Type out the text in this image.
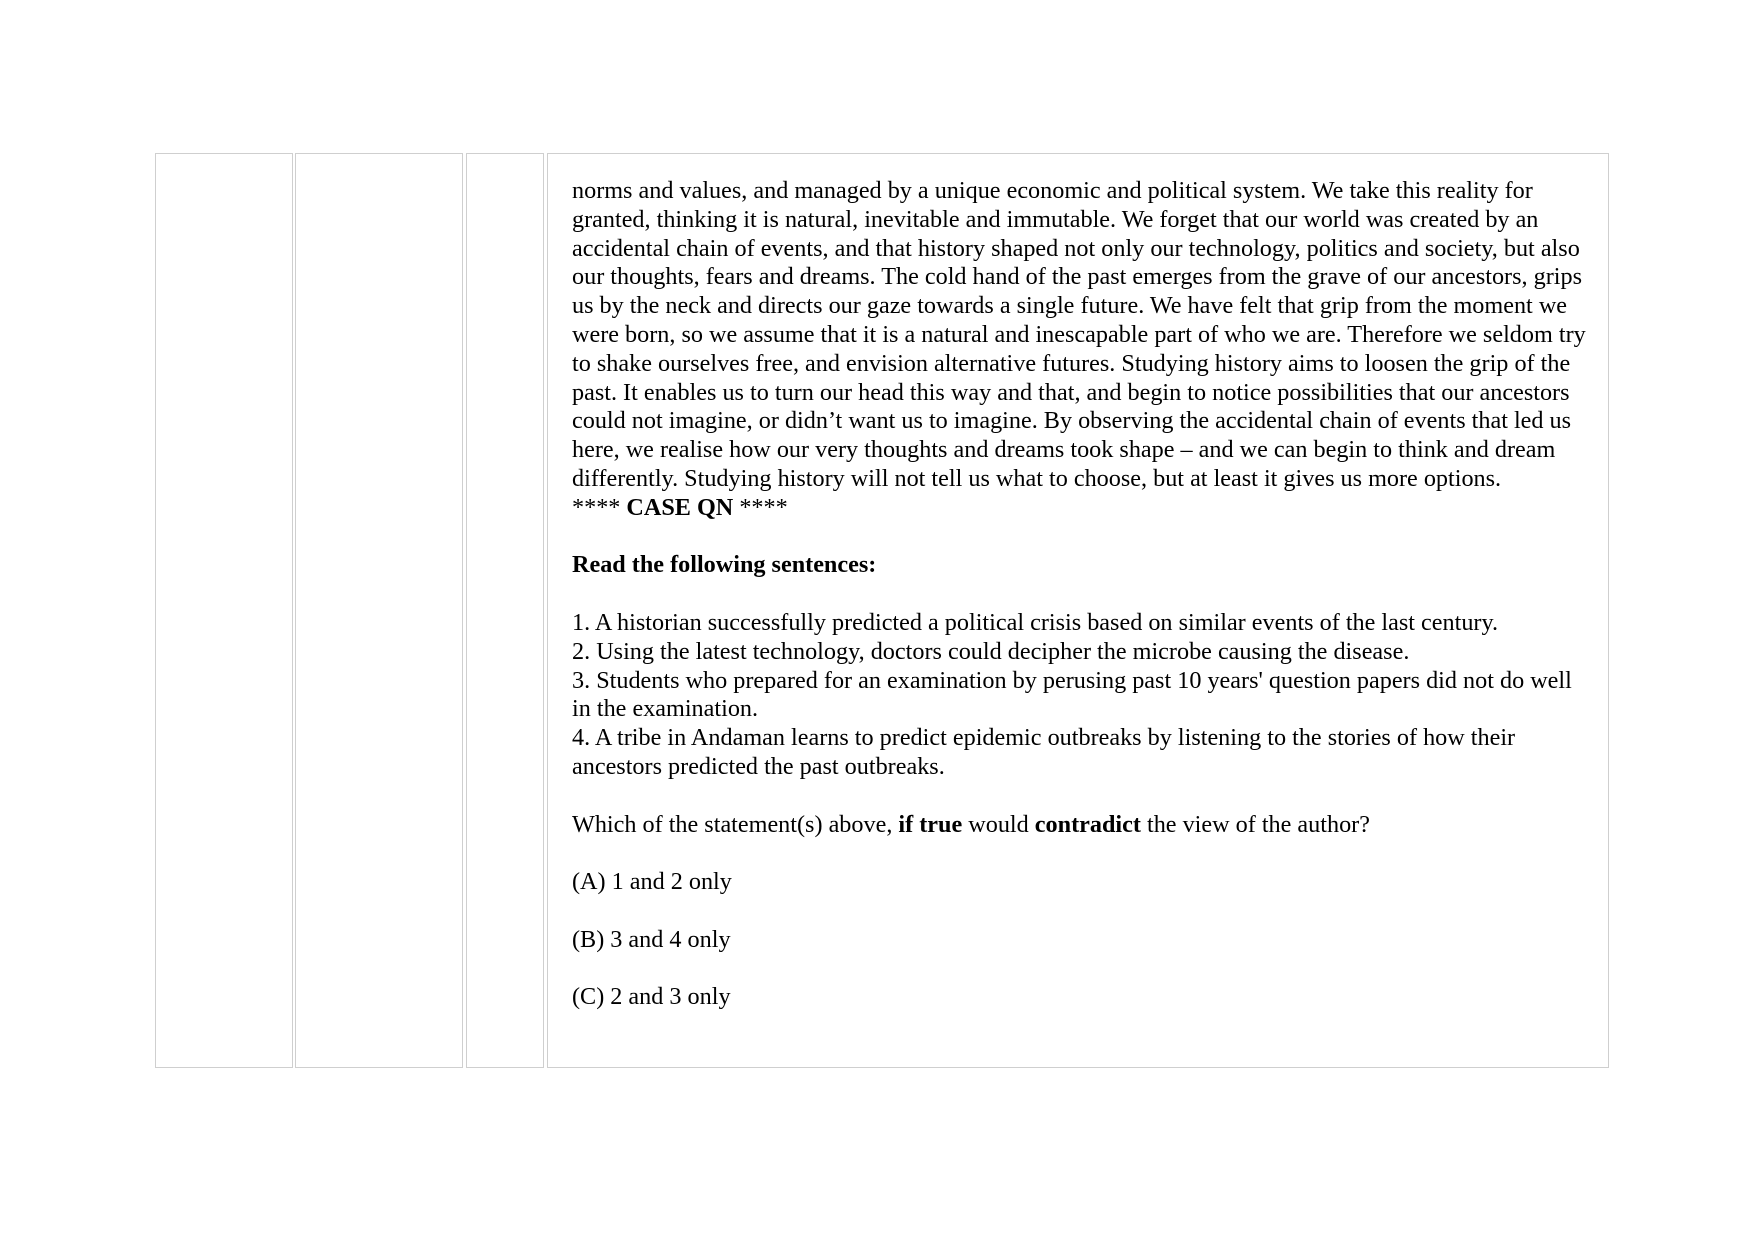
norms and values, and managed by a unique economic and political system. We take this reality for granted, thinking it is natural, inevitable and immutable. We forget that our world was created by an accidental chain of events, and that history shaped not only our technology, politics and society, but also our thoughts, fears and dreams. The cold hand of the past emerges from the grave of our ancestors, grips us by the neck and directs our gaze towards a single future. We have felt that grip from the moment we were born, so we assume that it is a natural and inescapable part of who we are. Therefore we seldom try to shake ourselves free, and envision alternative futures. Studying history aims to loosen the grip of the past. It enables us to turn our head this way and that, and begin to notice possibilities that our ancestors could not imagine, or didn’t want us to imagine. By observing the accidental chain of events that led us here, we realise how our very thoughts and dreams took shape – and we can begin to think and dream differently. Studying history will not tell us what to choose, but at least it gives us more options.

**** CASE QN ****

Read the following sentences:

1. A historian successfully predicted a political crisis based on similar events of the last century.

2. Using the latest technology, doctors could decipher the microbe causing the disease.

3. Students who prepared for an examination by perusing past 10 years' question papers did not do well in the examination.

4. A tribe in Andaman learns to predict epidemic outbreaks by listening to the stories of how their ancestors predicted the past outbreaks.

Which of the statement(s) above, if true would contradict the view of the author?

(A) 1 and 2 only

(B) 3 and 4 only

(C) 2 and 3 only
